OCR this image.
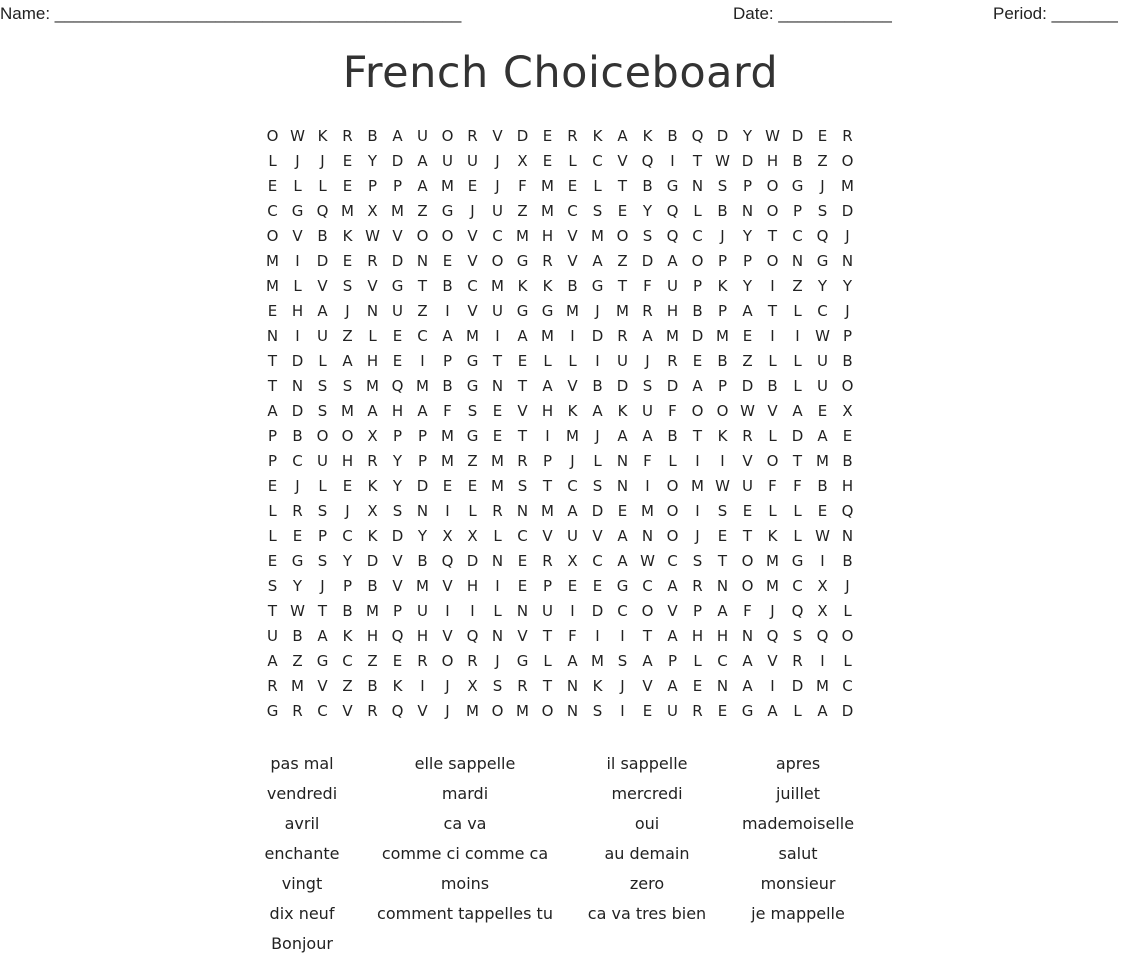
Name: ___________________________________________	Date: ____________	Period: _______
French Choiceboard
O W K R B A U O R V D E	R K A K B Q D Y W D E	R
L	J	J	E	Y D A U U	J	X	E	L	C V Q	I	T W D H B Z O
E	L	L	E	P	P	A M E	J	F M E	L	T	B G N S	P O G	J	M
C G Q M X M Z G	J	U Z M C	S	E	Y Q L	B N O P	S D
O V B K W V O O V C M H V M O S Q C	J	Y	T	C Q	J
M	I	D E	R D N E	V O G R V A Z D A O P	P O N G N
M L	V	S	V G T	B C M K	K B G T	F	U P	K	Y	I	Z	Y	Y
E H A	J	N U Z	I	V U G G M	J	M R H B	P	A	T	L	C	J
N	I	U Z	L	E	C A M	I	A M	I	D R A M D M E	I	I	W P
T D	L	A H E	I	P G T	E	L	L	I	U	J	R	E	B Z	L	L	U B
T N S	S M Q M B G N T	A V B D S D A	P D B	L	U O
A D S M A H A	F	S	E	V H K A K U	F O O W V A	E	X
P	B O O X	P	P M G E	T	I	M	J	A A B	T	K R	L	D A	E
P	C U H R	Y	P M Z M R	P	J	L	N	F	L	I	I	V O T M B
E	J	L	E	K	Y D E	E M S	T	C	S N	I	O M W U	F	F	B H
L	R	S	J	X	S N	I	L	R N M A D E M O	I	S	E	L	L	E Q
L	E	P	C K D Y	X X	L	C V U V A N O	J	E	T	K	L W N
E G S	Y D V B Q D N E	R X C A W C	S	T O M G	I	B
S	Y	J	P	B V M V H	I	E	P	E	E G C A R N O M C X	J
T W T	B M P U	I	I	L	N U	I	D C O V	P	A	F	J	Q X	L
U B A K H Q H V Q N V	T	F	I	I	T	A H H N Q S Q O
A Z G C Z	E	R O R	J	G	L	A M S	A	P	L	C A V R	I	L
R M V Z B K	I	J	X	S	R	T N K	J	V A	E N A	I	D M C
G R C V R Q V	J	M O M O N S	I	E U R	E G A	L	A D
pas mal
vendredi
avril
enchante
vingt
dix neuf
Bonjour
elle sappelle
mardi
ca va
comme ci comme ca
moins
comment tappelles tu
il sappelle
mercredi
oui
au demain
zero
ca va tres bien
apres
juillet
mademoiselle
salut
monsieur
je mappelle
